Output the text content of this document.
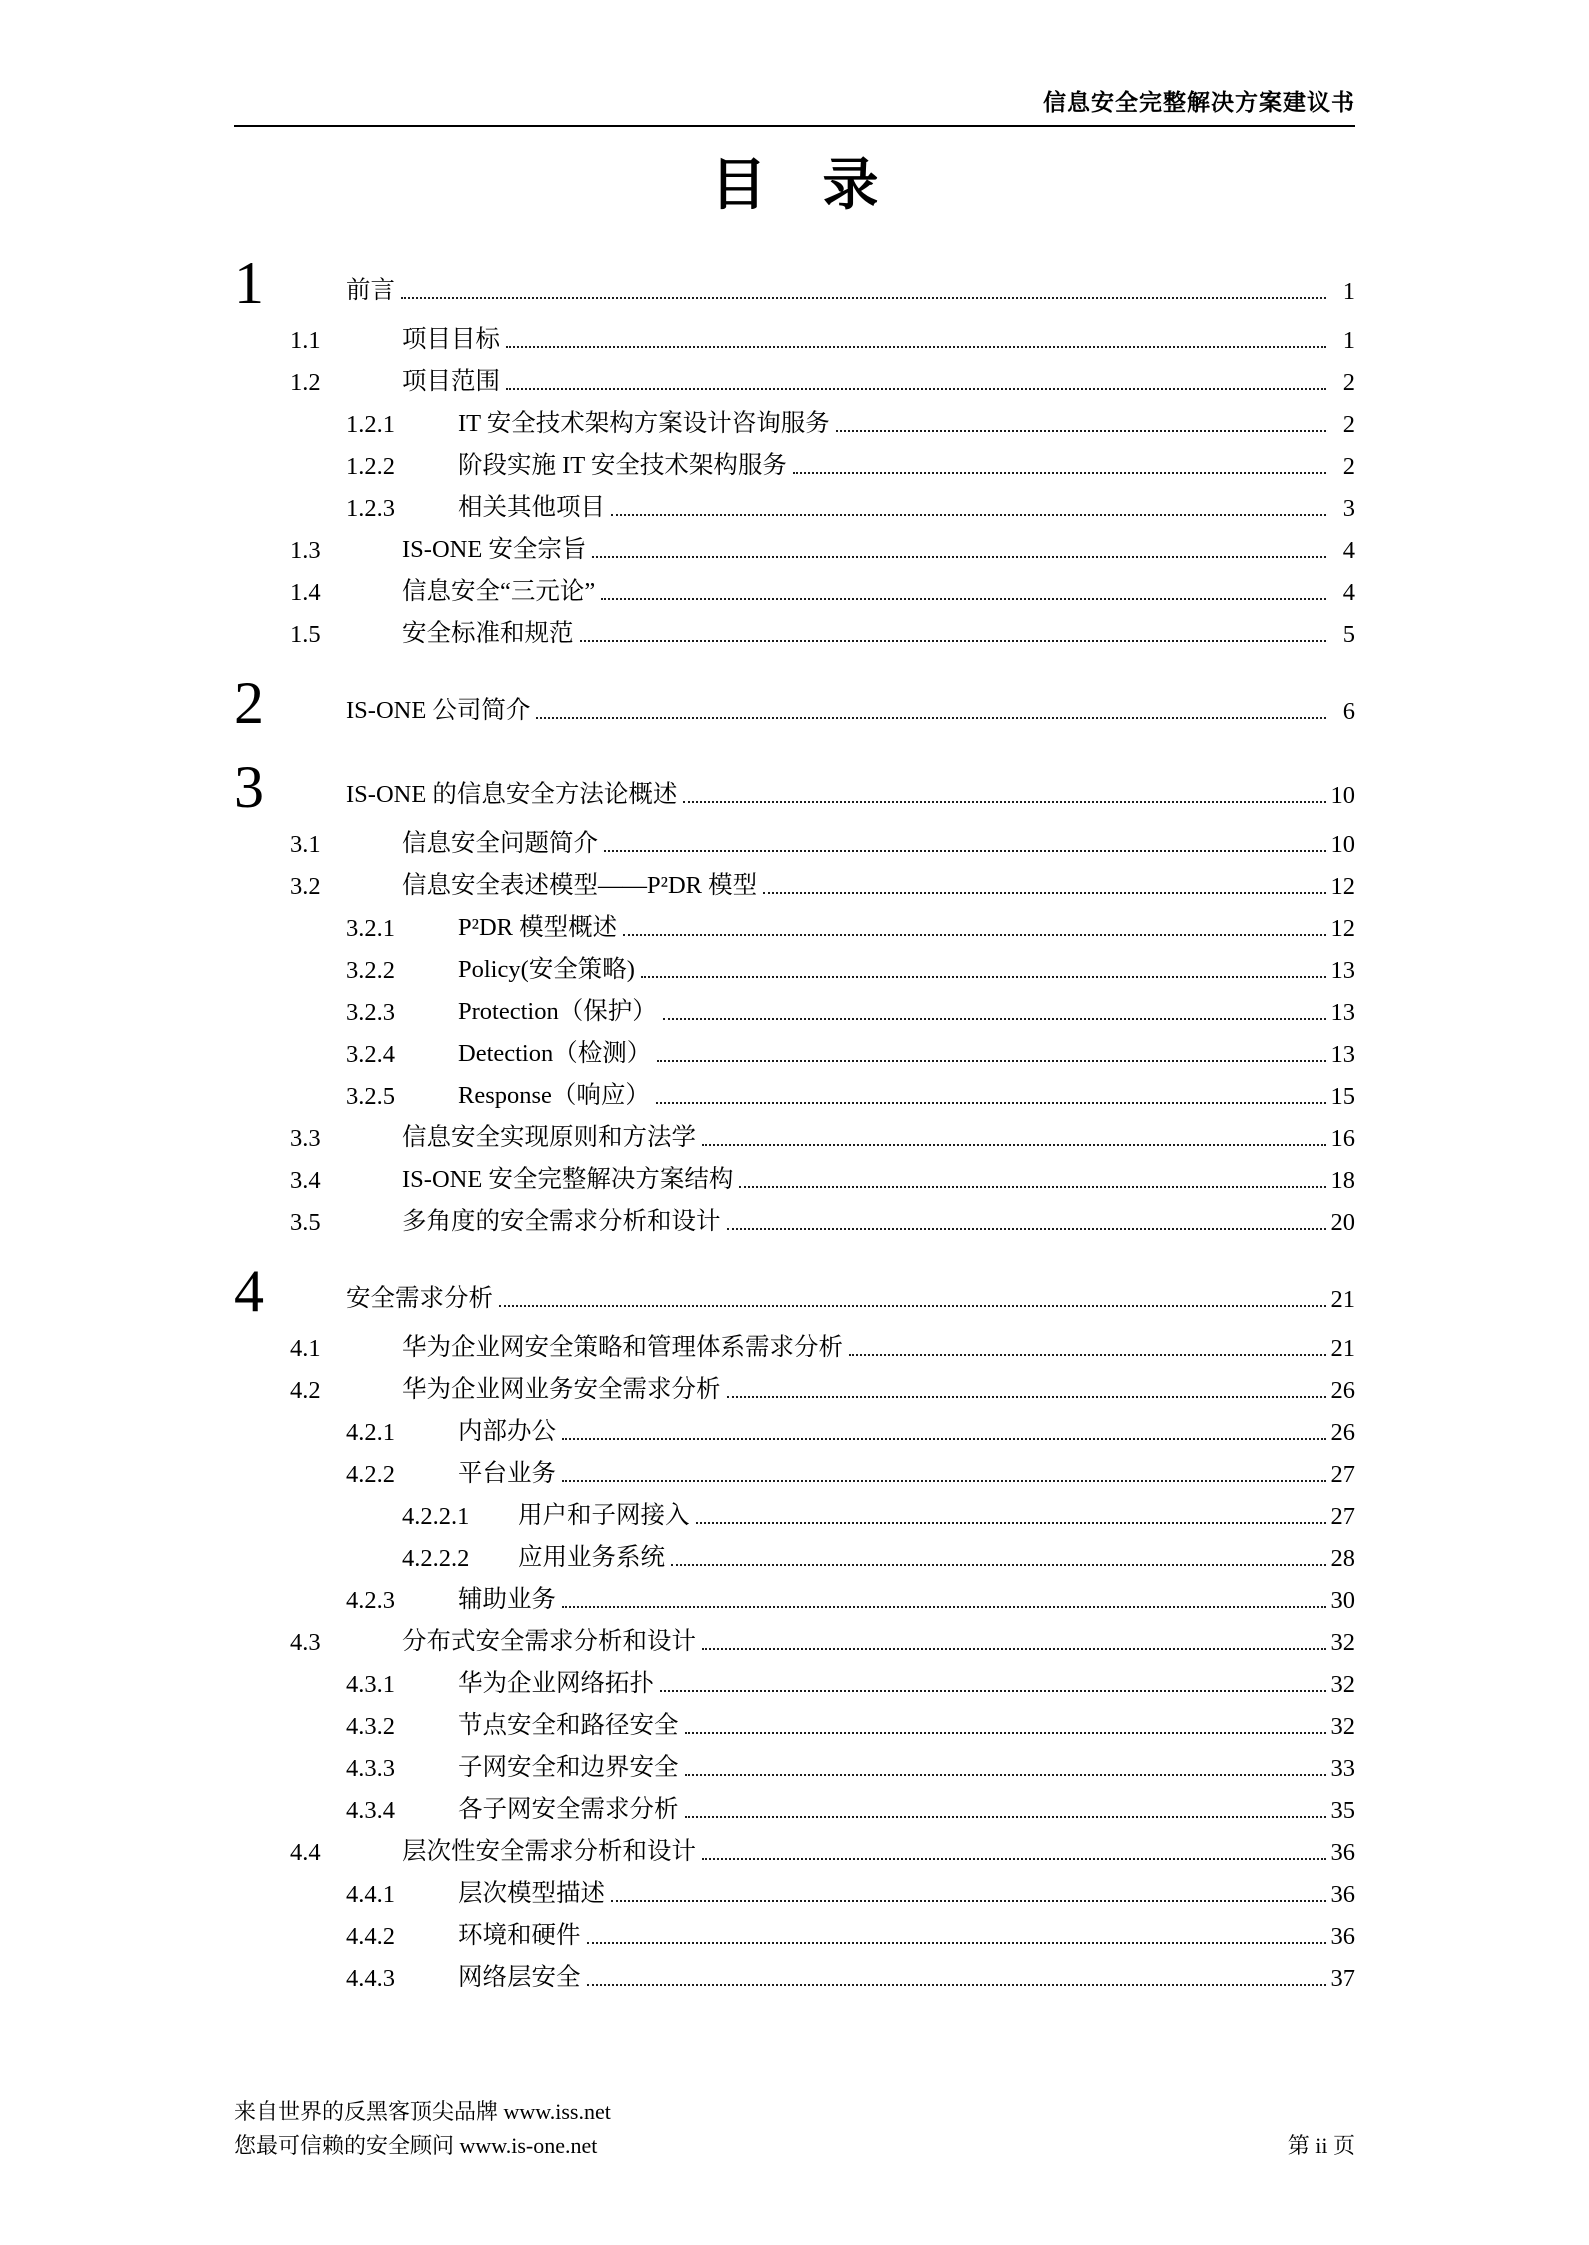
信息安全完整解决方案建议书
目　录
1	前言	1
1.1	项目目标	1
1.2	项目范围	2
1.2.1	IT 安全技术架构方案设计咨询服务	2
1.2.2	阶段实施 IT 安全技术架构服务	2
1.2.3	相关其他项目	3
1.3	IS-ONE 安全宗旨	4
1.4	信息安全“三元论”	4
1.5	安全标准和规范	5
2	IS-ONE 公司简介	6
3	IS-ONE 的信息安全方法论概述	10
3.1	信息安全问题简介	10
3.2	信息安全表述模型——P²DR 模型	12
3.2.1	P²DR 模型概述	12
3.2.2	Policy(安全策略)	13
3.2.3	Protection（保护）	13
3.2.4	Detection（检测）	13
3.2.5	Response（响应）	15
3.3	信息安全实现原则和方法学	16
3.4	IS-ONE 安全完整解决方案结构	18
3.5	多角度的安全需求分析和设计	20
4	安全需求分析	21
4.1	华为企业网安全策略和管理体系需求分析	21
4.2	华为企业网业务安全需求分析	26
4.2.1	内部办公	26
4.2.2	平台业务	27
4.2.2.1	用户和子网接入	27
4.2.2.2	应用业务系统	28
4.2.3	辅助业务	30
4.3	分布式安全需求分析和设计	32
4.3.1	华为企业网络拓扑	32
4.3.2	节点安全和路径安全	32
4.3.3	子网安全和边界安全	33
4.3.4	各子网安全需求分析	35
4.4	层次性安全需求分析和设计	36
4.4.1	层次模型描述	36
4.4.2	环境和硬件	36
4.4.3	网络层安全	37
来自世界的反黑客顶尖品牌 www.iss.net
您最可信赖的安全顾问 www.is-one.net	第 ii 页
